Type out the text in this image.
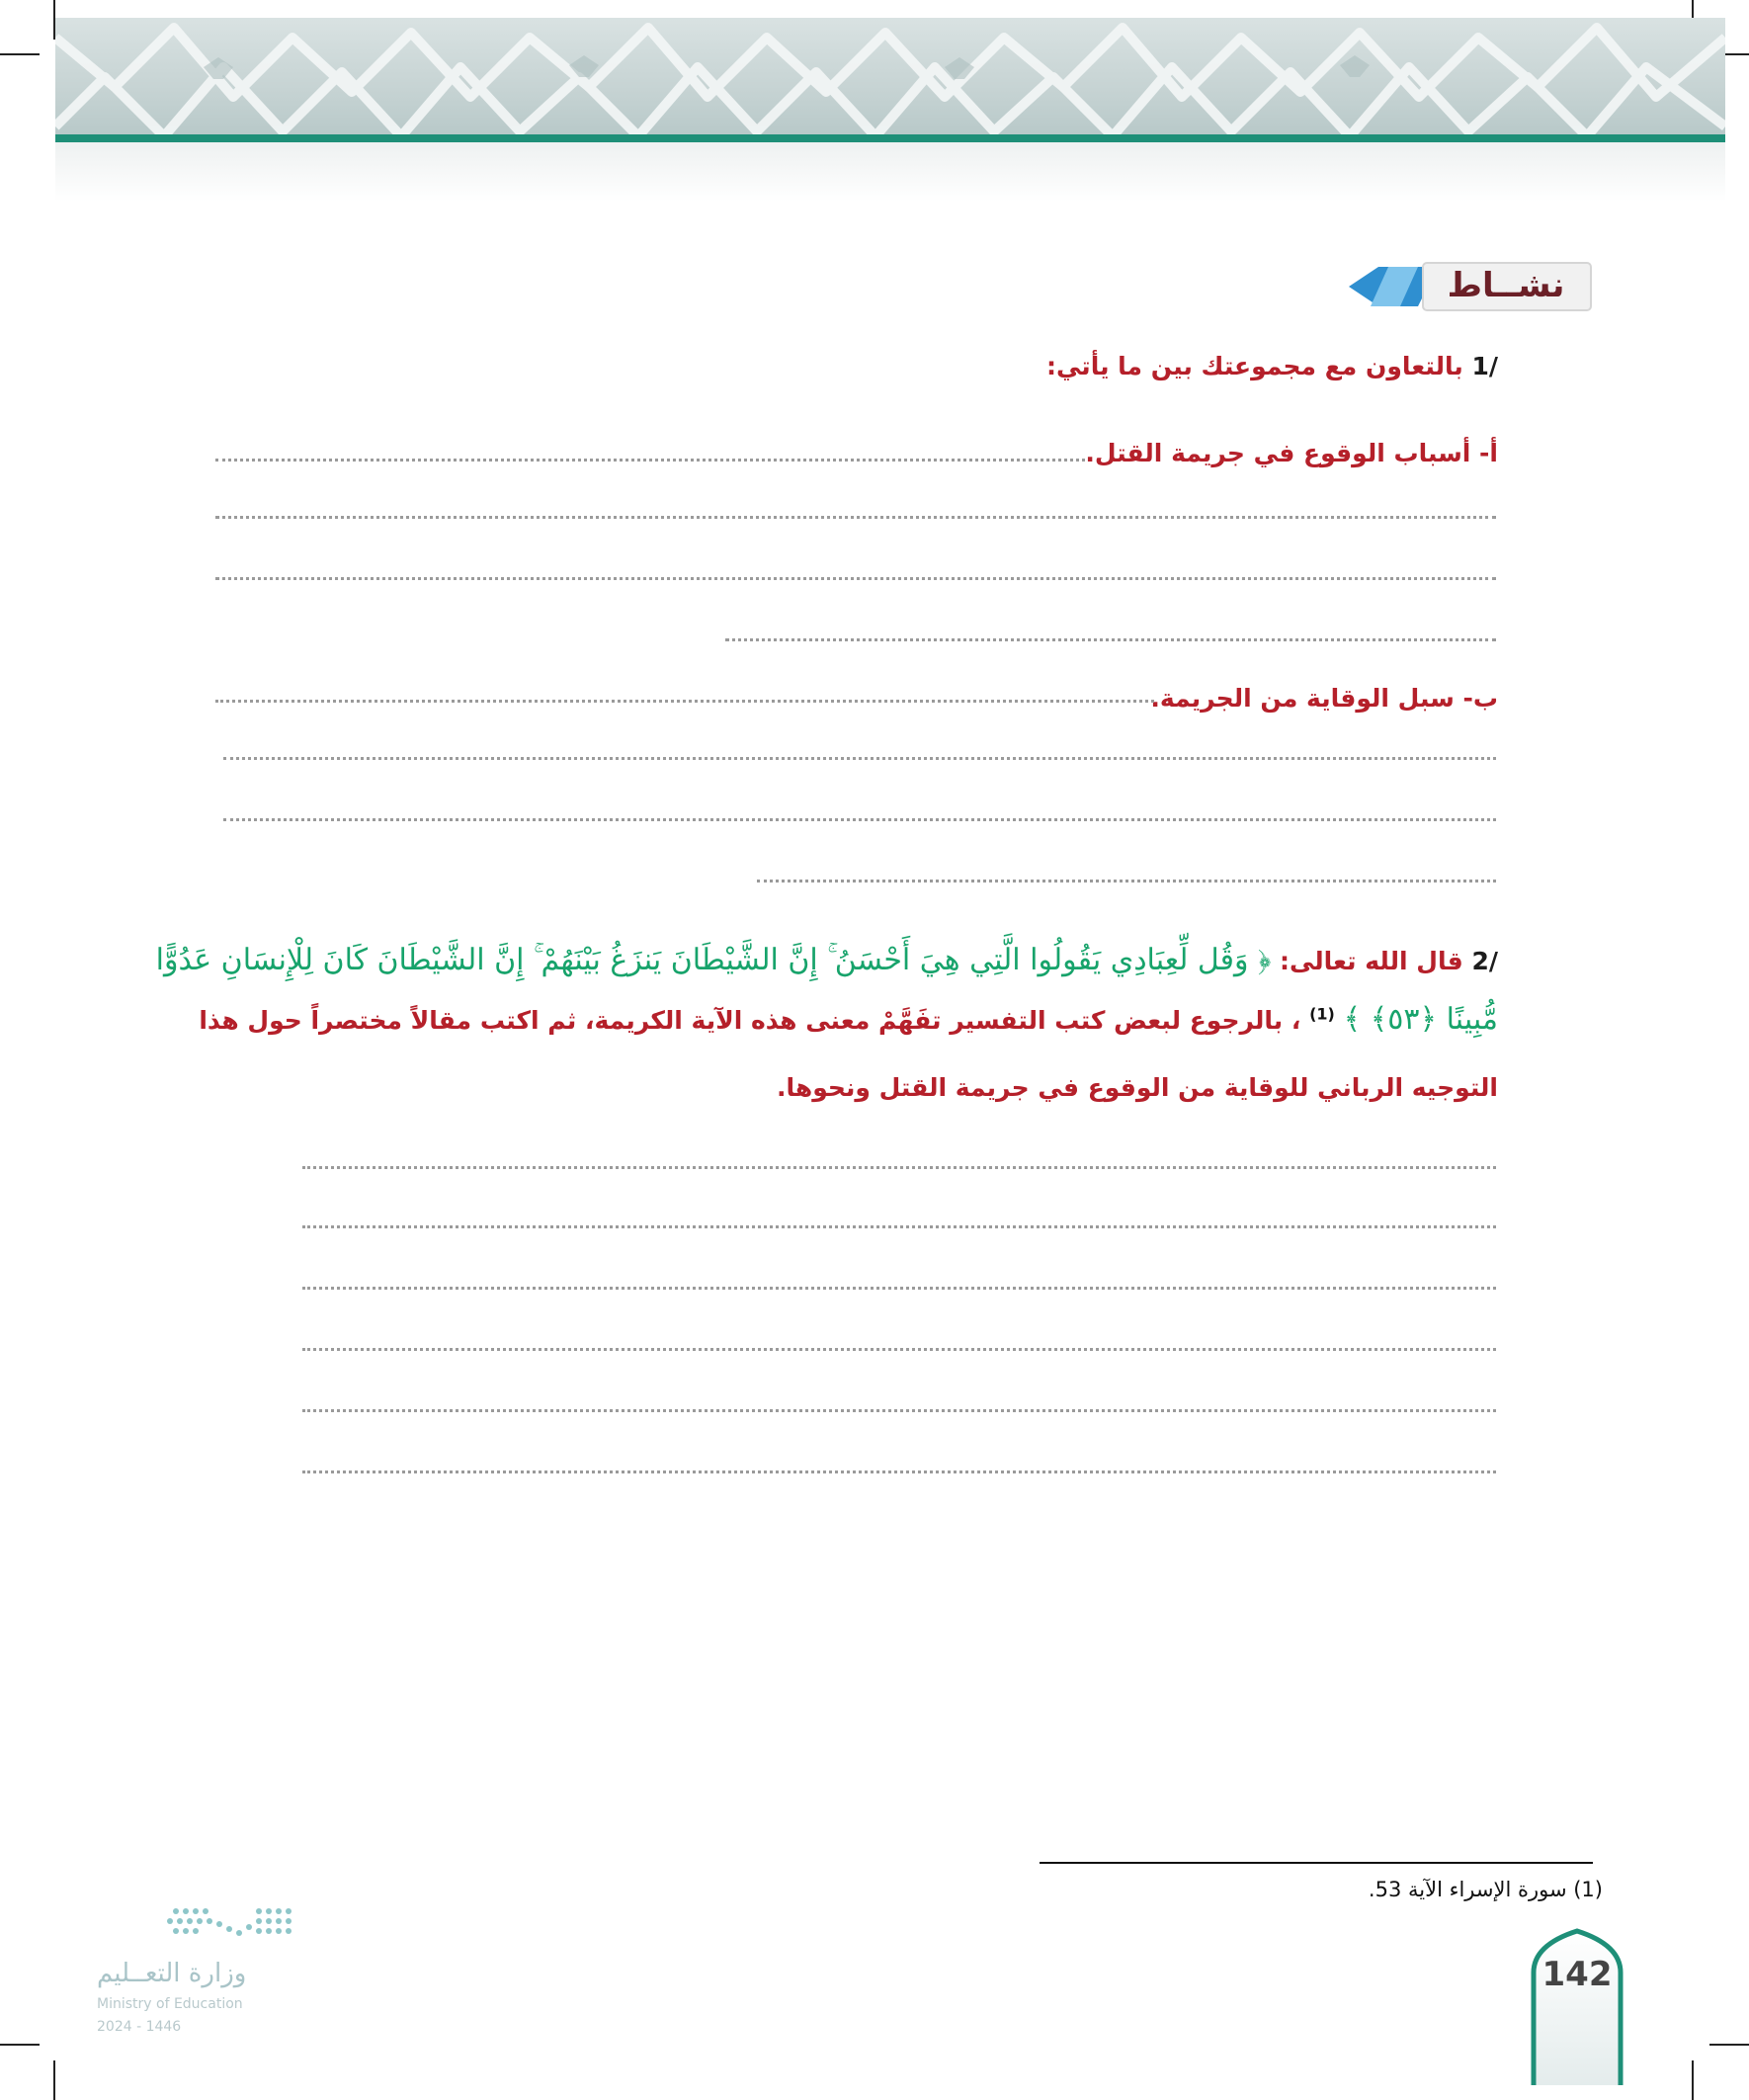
نشــاط
/1 بالتعاون مع مجموعتك بين ما يأتي:
أ- أسباب الوقوع في جريمة القتل.
ب- سبل الوقاية من الجريمة.
/2 قال الله تعالى: ﴿ وَقُل لِّعِبَادِي يَقُولُوا الَّتِي هِيَ أَحْسَنُ ۚ إِنَّ الشَّيْطَانَ يَنزَغُ بَيْنَهُمْ ۚ إِنَّ الشَّيْطَانَ كَانَ لِلْإِنسَانِ عَدُوًّا
مُّبِينًا ﴿٥٣﴾ ﴾ $^{(1)}$ ، بالرجوع لبعض كتب التفسير تفَهَّمْ معنى هذه الآية الكريمة، ثم اكتب مقالاً مختصراً حول هذا
التوجيه الرباني للوقاية من الوقوع في جريمة القتل ونحوها.
(1) سورة الإسراء الآية 53.
142
وزارة التعــليم
Ministry of Education
2024 - 1446
